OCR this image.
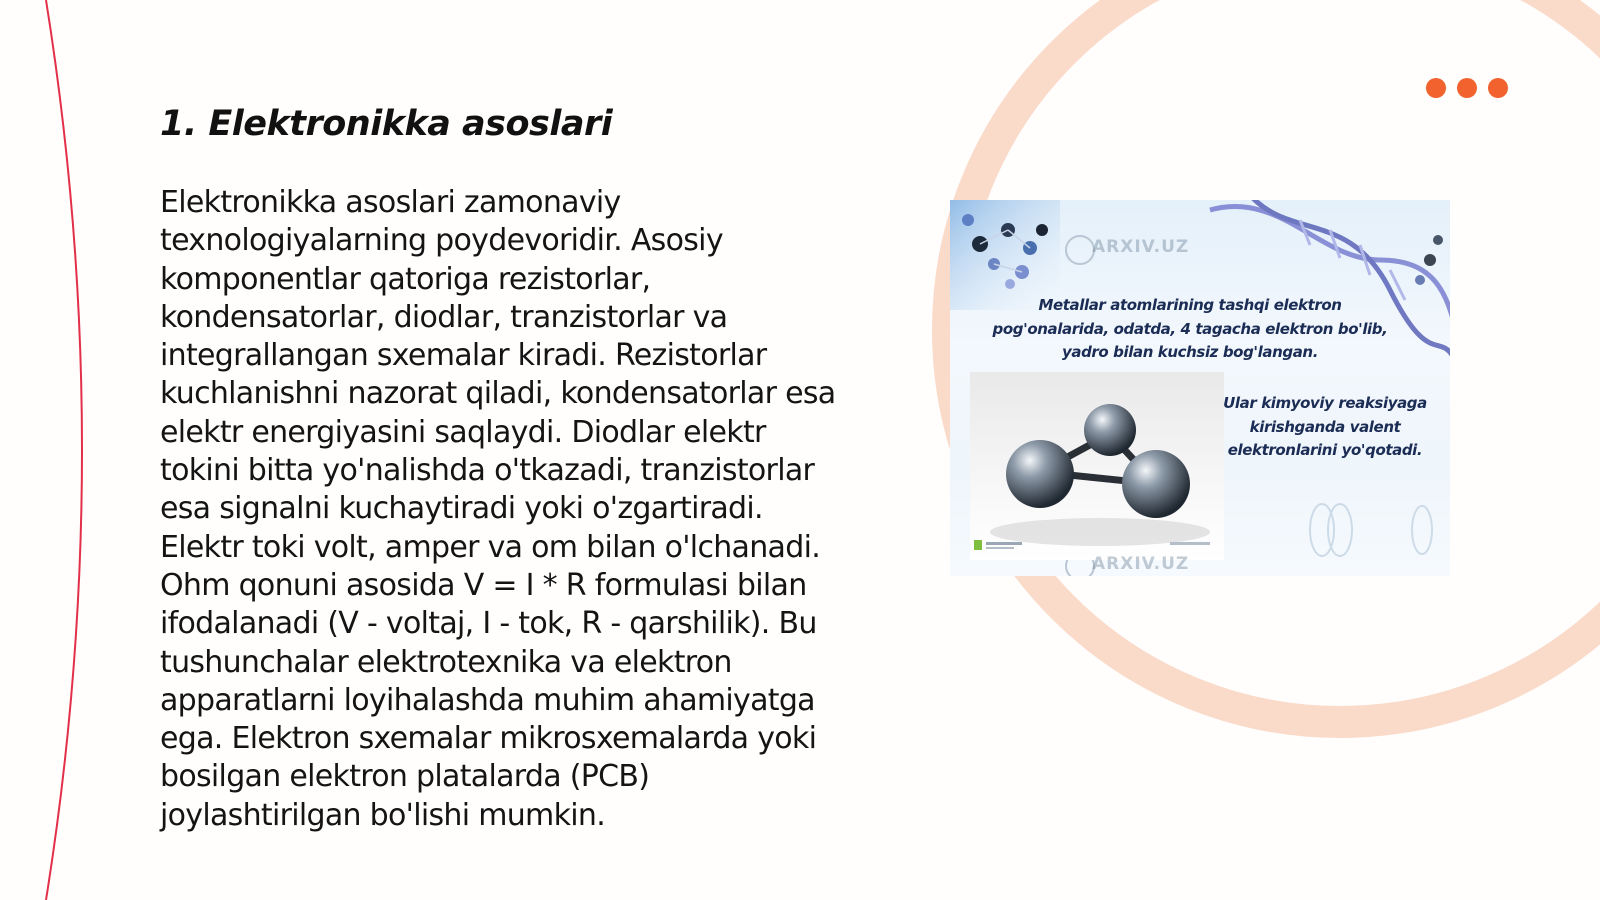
1. Elektronikka asoslari

Elektronikka asoslari zamonaviy texnologiyalarning poydevoridir. Asosiy komponentlar qatoriga rezistorlar, kondensatorlar, diodlar, tranzistorlar va integrallangan sxemalar kiradi. Rezistorlar kuchlanishni nazorat qiladi, kondensatorlar esa elektr energiyasini saqlaydi. Diodlar elektr tokini bitta yo'nalishda o'tkazadi, tranzistorlar esa signalni kuchaytiradi yoki o'zgartiradi. Elektr toki volt, amper va om bilan o'lchanadi. Ohm qonuni asosida V = I * R formulasi bilan ifodalanadi (V - voltaj, I - tok, R - qarshilik). Bu tushunchalar elektrotexnika va elektron apparatlarni loyihalashda muhim ahamiyatga ega. Elektron sxemalar mikrosxemalarda yoki bosilgan elektron platalarda (PCB) joylashtirilgan bo'lishi mumkin.

ARXIV.UZ
Metallar atomlarining tashqi elektron pog'onalarida, odatda, 4 tagacha elektron bo'lib, yadro bilan kuchsiz bog'langan.
Ular kimyoviy reaksiyaga kirishganda valent elektronlarini yo'qotadi.
ARXIV.UZ
